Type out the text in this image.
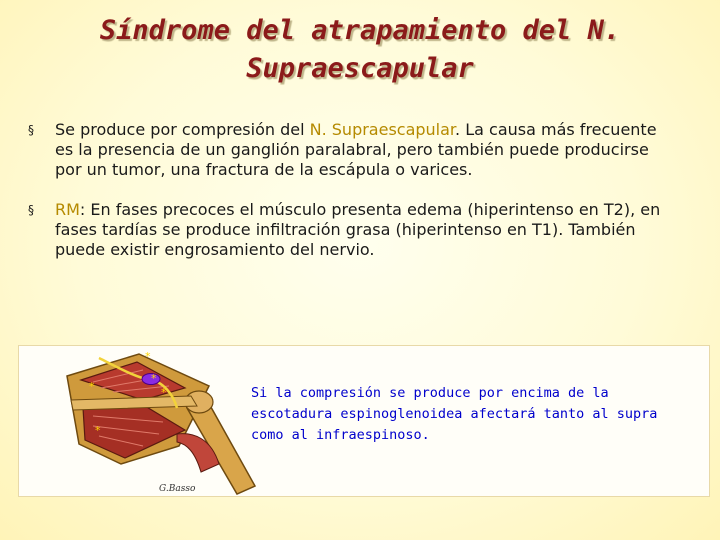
Síndrome del atrapamiento del N.
Supraescapular
§ Se produce por compresión del N. Supraescapular. La causa más frecuente es la presencia de un ganglión paralabral, pero también puede producirse por un tumor, una fractura de la escápula o varices.
§ RM: En fases precoces el músculo presenta edema (hiperintenso en T2), en fases tardías se produce infiltración grasa (hiperintenso en T1). También puede existir engrosamiento del nervio.
*
*
*	*
*
G.Basso
Si la compresión se produce por encima de la escotadura espinoglenoidea afectará tanto al supra como al infraespinoso.
